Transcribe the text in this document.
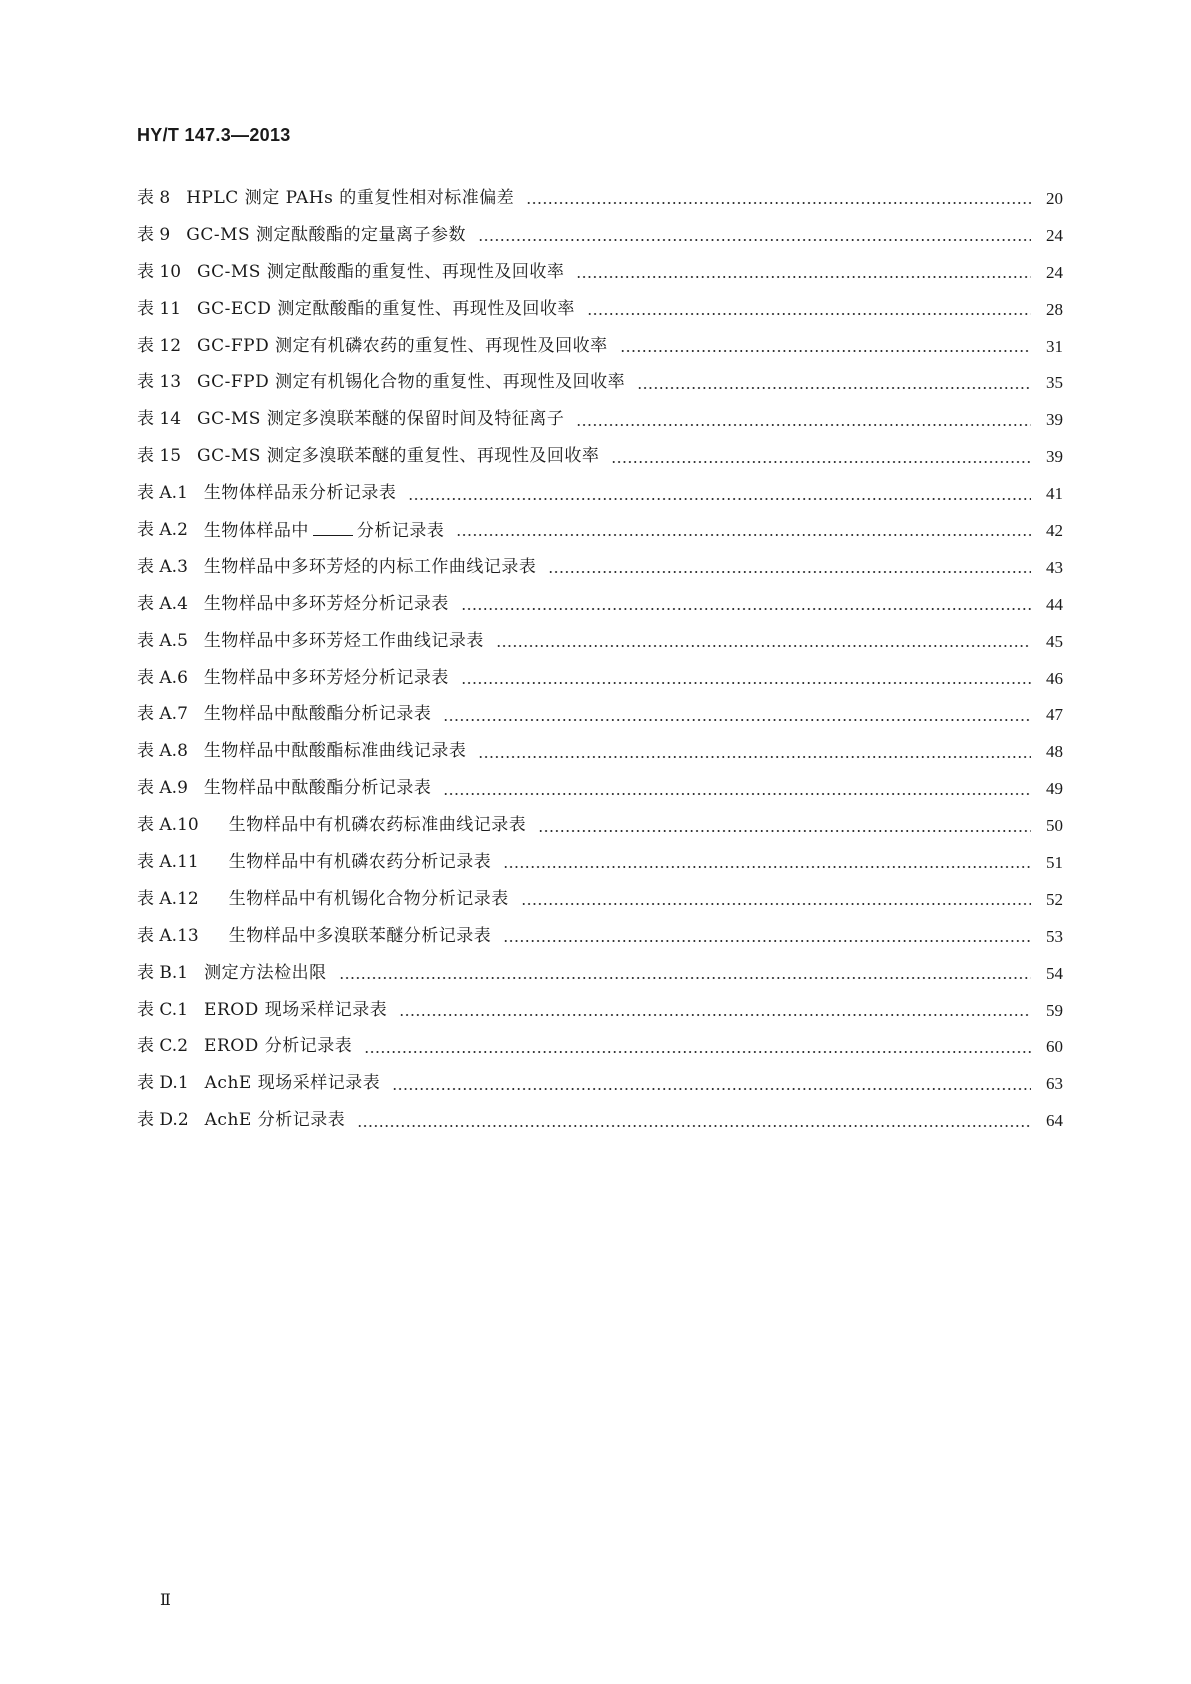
HY/T 147.3—2013
表 8 HPLC 测定 PAHs 的重复性相对标准偏差	20
表 9 GC-MS 测定酞酸酯的定量离子参数	24
表 10 GC-MS 测定酞酸酯的重复性、再现性及回收率	24
表 11 GC-ECD 测定酞酸酯的重复性、再现性及回收率	28
表 12 GC-FPD 测定有机磷农药的重复性、再现性及回收率	31
表 13 GC-FPD 测定有机锡化合物的重复性、再现性及回收率	35
表 14 GC-MS 测定多溴联苯醚的保留时间及特征离子	39
表 15 GC-MS 测定多溴联苯醚的重复性、再现性及回收率	39
表 A.1 生物体样品汞分析记录表	41
表 A.2 生物体样品中	分析记录表	42
表 A.3 生物样品中多环芳烃的内标工作曲线记录表	43
表 A.4 生物样品中多环芳烃分析记录表	44
表 A.5 生物样品中多环芳烃工作曲线记录表	45
表 A.6 生物样品中多环芳烃分析记录表	46
表 A.7 生物样品中酞酸酯分析记录表	47
表 A.8 生物样品中酞酸酯标准曲线记录表	48
表 A.9 生物样品中酞酸酯分析记录表	49
表 A.10 生物样品中有机磷农药标准曲线记录表	50
表 A.11 生物样品中有机磷农药分析记录表	51
表 A.12 生物样品中有机锡化合物分析记录表	52
表 A.13 生物样品中多溴联苯醚分析记录表	53
表 B.1 测定方法检出限	54
表 C.1 EROD 现场采样记录表	59
表 C.2 EROD 分析记录表	60
表 D.1 AchE 现场采样记录表	63
表 D.2 AchE 分析记录表	64
Ⅱ
